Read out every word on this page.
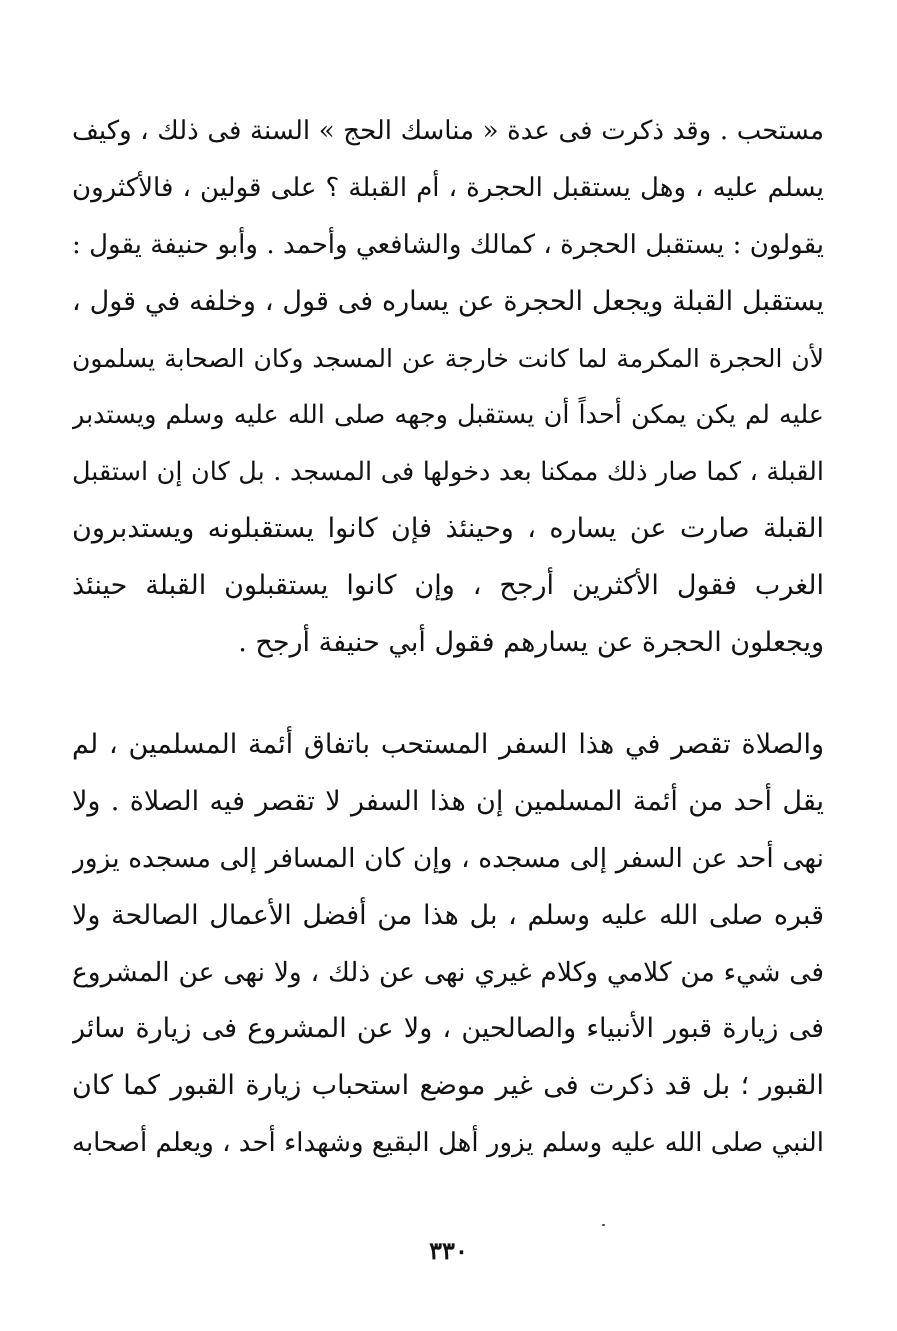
مستحب . وقد ذكرت فى عدة « مناسك الحج » السنة فى ذلك ، وكيف
يسلم عليه ، وهل يستقبل الحجرة ، أم القبلة ؟ على قولين ، فالأكثرون
يقولون : يستقبل الحجرة ، كمالك والشافعي وأحمد . وأبو حنيفة يقول :
يستقبل القبلة ويجعل الحجرة عن يساره فى قول ، وخلفه في قول ،
لأن الحجرة المكرمة لما كانت خارجة عن المسجد وكان الصحابة يسلمون
عليه لم يكن يمكن أحداً أن يستقبل وجهه صلى الله عليه وسلم ويستدبر
القبلة ، كما صار ذلك ممكنا بعد دخولها فى المسجد . بل كان إن استقبل
القبلة صارت عن يساره ، وحينئذ فإن كانوا يستقبلونه ويستدبرون
الغرب فقول الأكثرين أرجح ، وإن كانوا يستقبلون القبلة حينئذ
ويجعلون الحجرة عن يسارهم فقول أبي حنيفة أرجح .
والصلاة تقصر في هذا السفر المستحب باتفاق أئمة المسلمين ، لم
يقل أحد من أئمة المسلمين إن هذا السفر لا تقصر فيه الصلاة . ولا
نهى أحد عن السفر إلى مسجده ، وإن كان المسافر إلى مسجده يزور
قبره صلى الله عليه وسلم ، بل هذا من أفضل الأعمال الصالحة ولا
فى شيء من كلامي وكلام غيري نهى عن ذلك ، ولا نهى عن المشروع
فى زيارة قبور الأنبياء والصالحين ، ولا عن المشروع فى زيارة سائر
القبور ؛ بل قد ذكرت فى غير موضع استحباب زيارة القبور كما كان
النبي صلى الله عليه وسلم يزور أهل البقيع وشهداء أحد ، ويعلم أصحابه
٣٣٠
